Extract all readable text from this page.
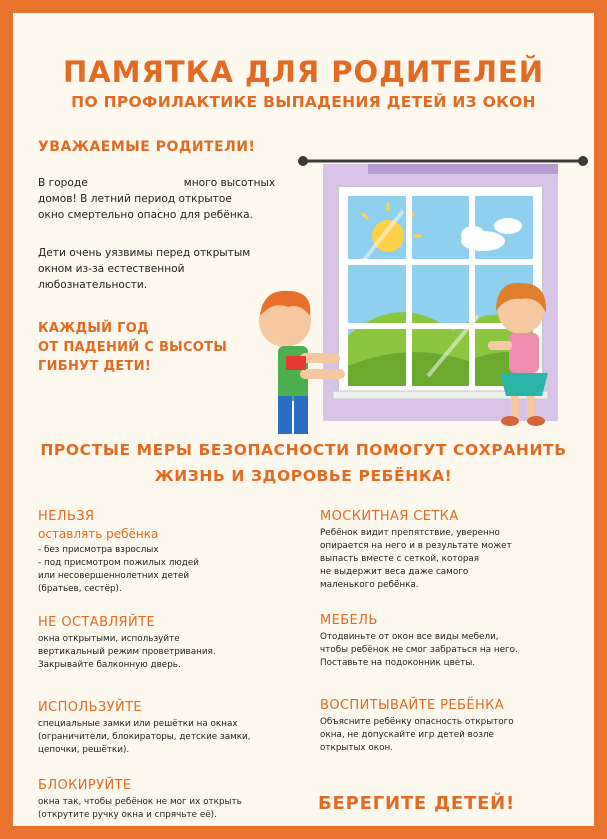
ПАМЯТКА ДЛЯ РОДИТЕЛЕЙ
ПО ПРОФИЛАКТИКЕ ВЫПАДЕНИЯ ДЕТЕЙ ИЗ ОКОН
УВАЖАЕМЫЕ РОДИТЕЛИ!
В городе	много высотных
домов! В летний период открытое
окно смертельно опасно для ребёнка.
Дети очень уязвимы перед открытым
окном из-за естественной
любознательности.
КАЖДЫЙ ГОД
ОТ ПАДЕНИЙ С ВЫСОТЫ
ГИБНУТ ДЕТИ!
ПРОСТЫЕ МЕРЫ БЕЗОПАСНОСТИ ПОМОГУТ СОХРАНИТЬ
ЖИЗНЬ И ЗДОРОВЬЕ РЕБЁНКА!
НЕЛЬЗЯ
оставлять ребёнка
- без присмотра взрослых
- под присмотром пожилых людей
или несовершеннолетних детей
(братьев, сестёр).
НЕ ОСТАВЛЯЙТЕ
окна открытыми, используйте
вертикальный режим проветривания.
Закрывайте балконную дверь.
ИСПОЛЬЗУЙТЕ
специальные замки или решётки на окнах
(ограничители, блокираторы, детские замки,
цепочки, решётки).
БЛОКИРУЙТЕ
окна так, чтобы ребёнок не мог их открыть
(открутите ручку окна и спрячьте её).
МОСКИТНАЯ СЕТКА
Ребёнок видит препятствие, уверенно
опирается на него и в результате может
выпасть вместе с сеткой, которая
не выдержит веса даже самого
маленького ребёнка.
МЕБЕЛЬ
Отодвиньте от окон все виды мебели,
чтобы ребёнок не смог забраться на него.
Поставьте на подоконник цветы.
ВОСПИТЫВАЙТЕ РЕБЁНКА
Объясните ребёнку опасность открытого
окна, не допускайте игр детей возле
открытых окон.
БЕРЕГИТЕ ДЕТЕЙ!
